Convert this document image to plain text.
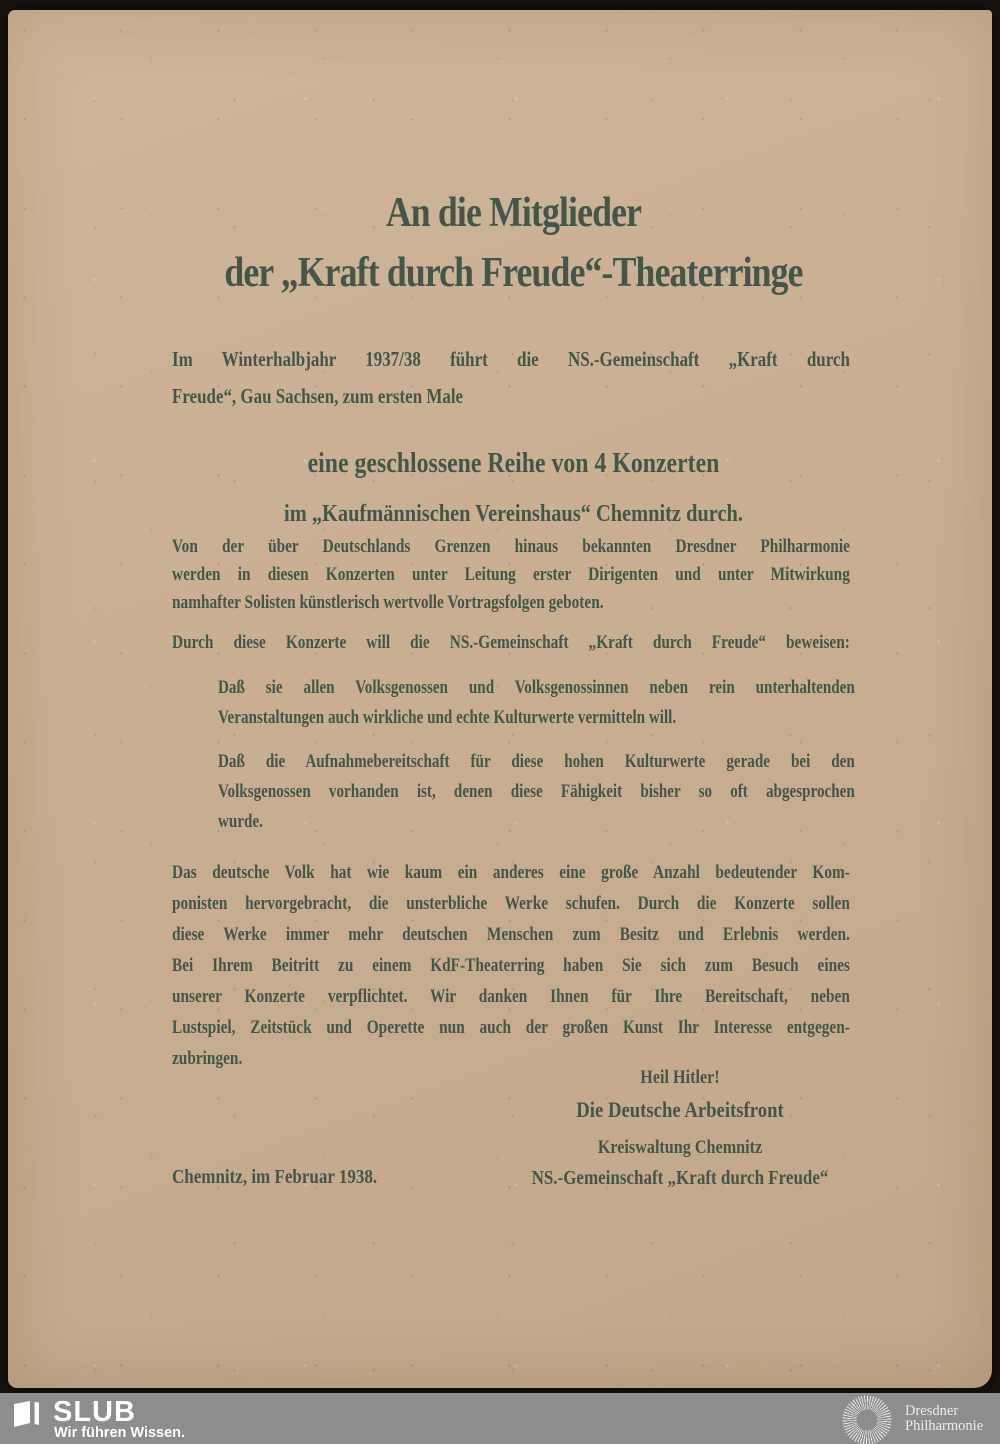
An die Mitglieder
der „Kraft durch Freude“-Theaterringe
Im Winterhalbjahr 1937/38 führt die NS.-Gemeinschaft „Kraft durch
Freude“, Gau Sachsen, zum ersten Male
eine geschlossene Reihe von 4 Konzerten
im „Kaufmännischen Vereinshaus“ Chemnitz durch.
Von der über Deutschlands Grenzen hinaus bekannten Dresdner Philharmonie
werden in diesen Konzerten unter Leitung erster Dirigenten und unter Mitwirkung
namhafter Solisten künstlerisch wertvolle Vortragsfolgen geboten.
Durch diese Konzerte will die NS.-Gemeinschaft „Kraft durch Freude“ beweisen:
Daß sie allen Volksgenossen und Volksgenossinnen neben rein unterhaltenden
Veranstaltungen auch wirkliche und echte Kulturwerte vermitteln will.
Daß die Aufnahmebereitschaft für diese hohen Kulturwerte gerade bei den
Volksgenossen vorhanden ist, denen diese Fähigkeit bisher so oft abgesprochen
wurde.
Das deutsche Volk hat wie kaum ein anderes eine große Anzahl bedeutender Kom-
ponisten hervorgebracht, die unsterbliche Werke schufen. Durch die Konzerte sollen
diese Werke immer mehr deutschen Menschen zum Besitz und Erlebnis werden.
Bei Ihrem Beitritt zu einem KdF-Theaterring haben Sie sich zum Besuch eines
unserer Konzerte verpflichtet. Wir danken Ihnen für Ihre Bereitschaft, neben
Lustspiel, Zeitstück und Operette nun auch der großen Kunst Ihr Interesse entgegen-
zubringen.
Heil Hitler!
Die Deutsche Arbeitsfront
Kreiswaltung Chemnitz
NS.-Gemeinschaft „Kraft durch Freude“
Chemnitz, im Februar 1938.
SLUB
Wir führen Wissen.
Dresdner
Philharmonie
